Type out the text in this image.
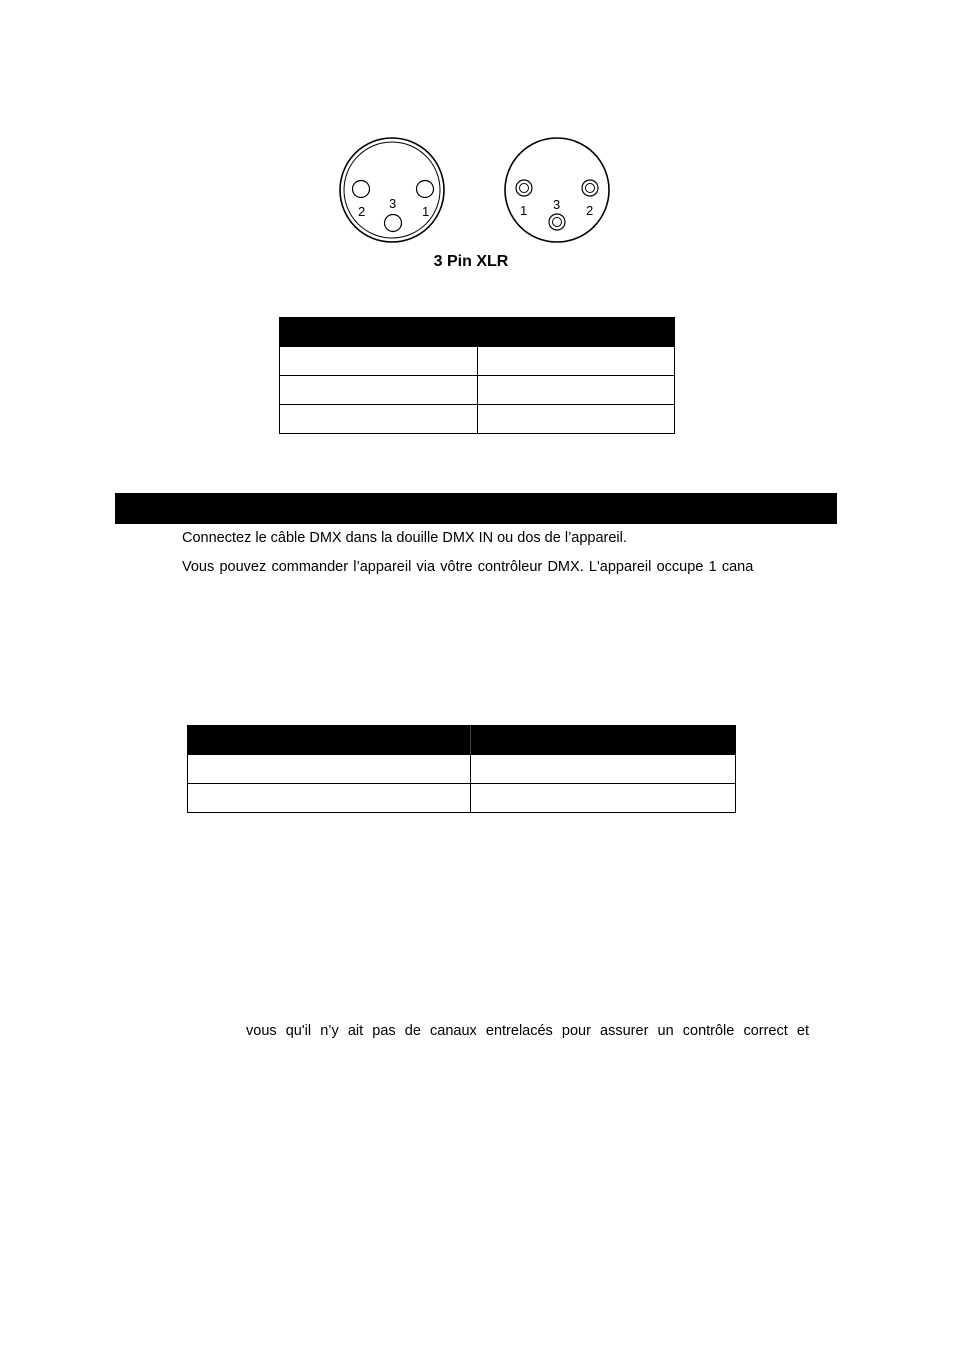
2
3
1	1 3 2
3 Pin XLR

Connectez le câble DMX dans la douille DMX IN ou dos de l’appareil.
Vous pouvez commander l’appareil via vôtre contrôleur DMX. L'appareil occupe 1 cana

vous qu'il n’y ait pas de canaux entrelacés pour assurer un contrôle correct et
